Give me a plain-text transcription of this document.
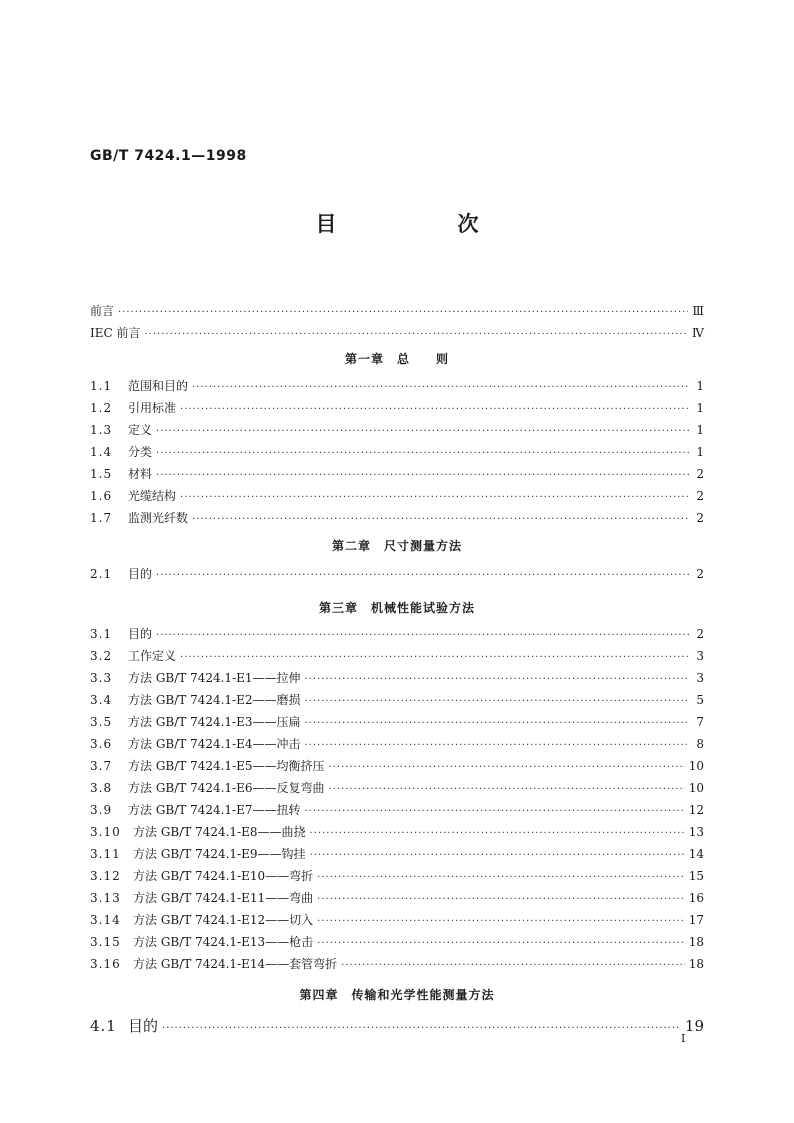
GB/T 7424.1—1998
目　次
前言 ·····	Ⅲ
IEC 前言 ·····	Ⅳ
第一章　总　　则
1.1	范围和目的 ·····	1
1.2	引用标准 ·····	1
1.3	定义 ·····	1
1.4	分类 ·····	1
1.5	材料 ·····	2
1.6	光缆结构 ·····	2
1.7	监测光纤数 ·····	2
第二章　尺寸测量方法
2.1	目的 ·····	2
第三章　机械性能试验方法
3.1	目的 ·····	2
3.2	工作定义 ·····	3
3.3	方法 GB/T 7424.1-E1——拉伸 ·····	3
3.4	方法 GB/T 7424.1-E2——磨损 ·····	5
3.5	方法 GB/T 7424.1-E3——压扁 ·····	7
3.6	方法 GB/T 7424.1-E4——冲击 ·····	8
3.7	方法 GB/T 7424.1-E5——均衡挤压 ·····	10
3.8	方法 GB/T 7424.1-E6——反复弯曲 ·····	10
3.9	方法 GB/T 7424.1-E7——扭转 ·····	12
3.10	方法 GB/T 7424.1-E8——曲挠 ·····	13
3.11	方法 GB/T 7424.1-E9——钩挂 ·····	14
3.12	方法 GB/T 7424.1-E10——弯折 ·····	15
3.13	方法 GB/T 7424.1-E11——弯曲 ·····	16
3.14	方法 GB/T 7424.1-E12——切入 ·····	17
3.15	方法 GB/T 7424.1-E13——枪击 ·····	18
3.16	方法 GB/T 7424.1-E14——套管弯折 ·····	18
第四章　传输和光学性能测量方法
4.1 目的 ·····	19
I
